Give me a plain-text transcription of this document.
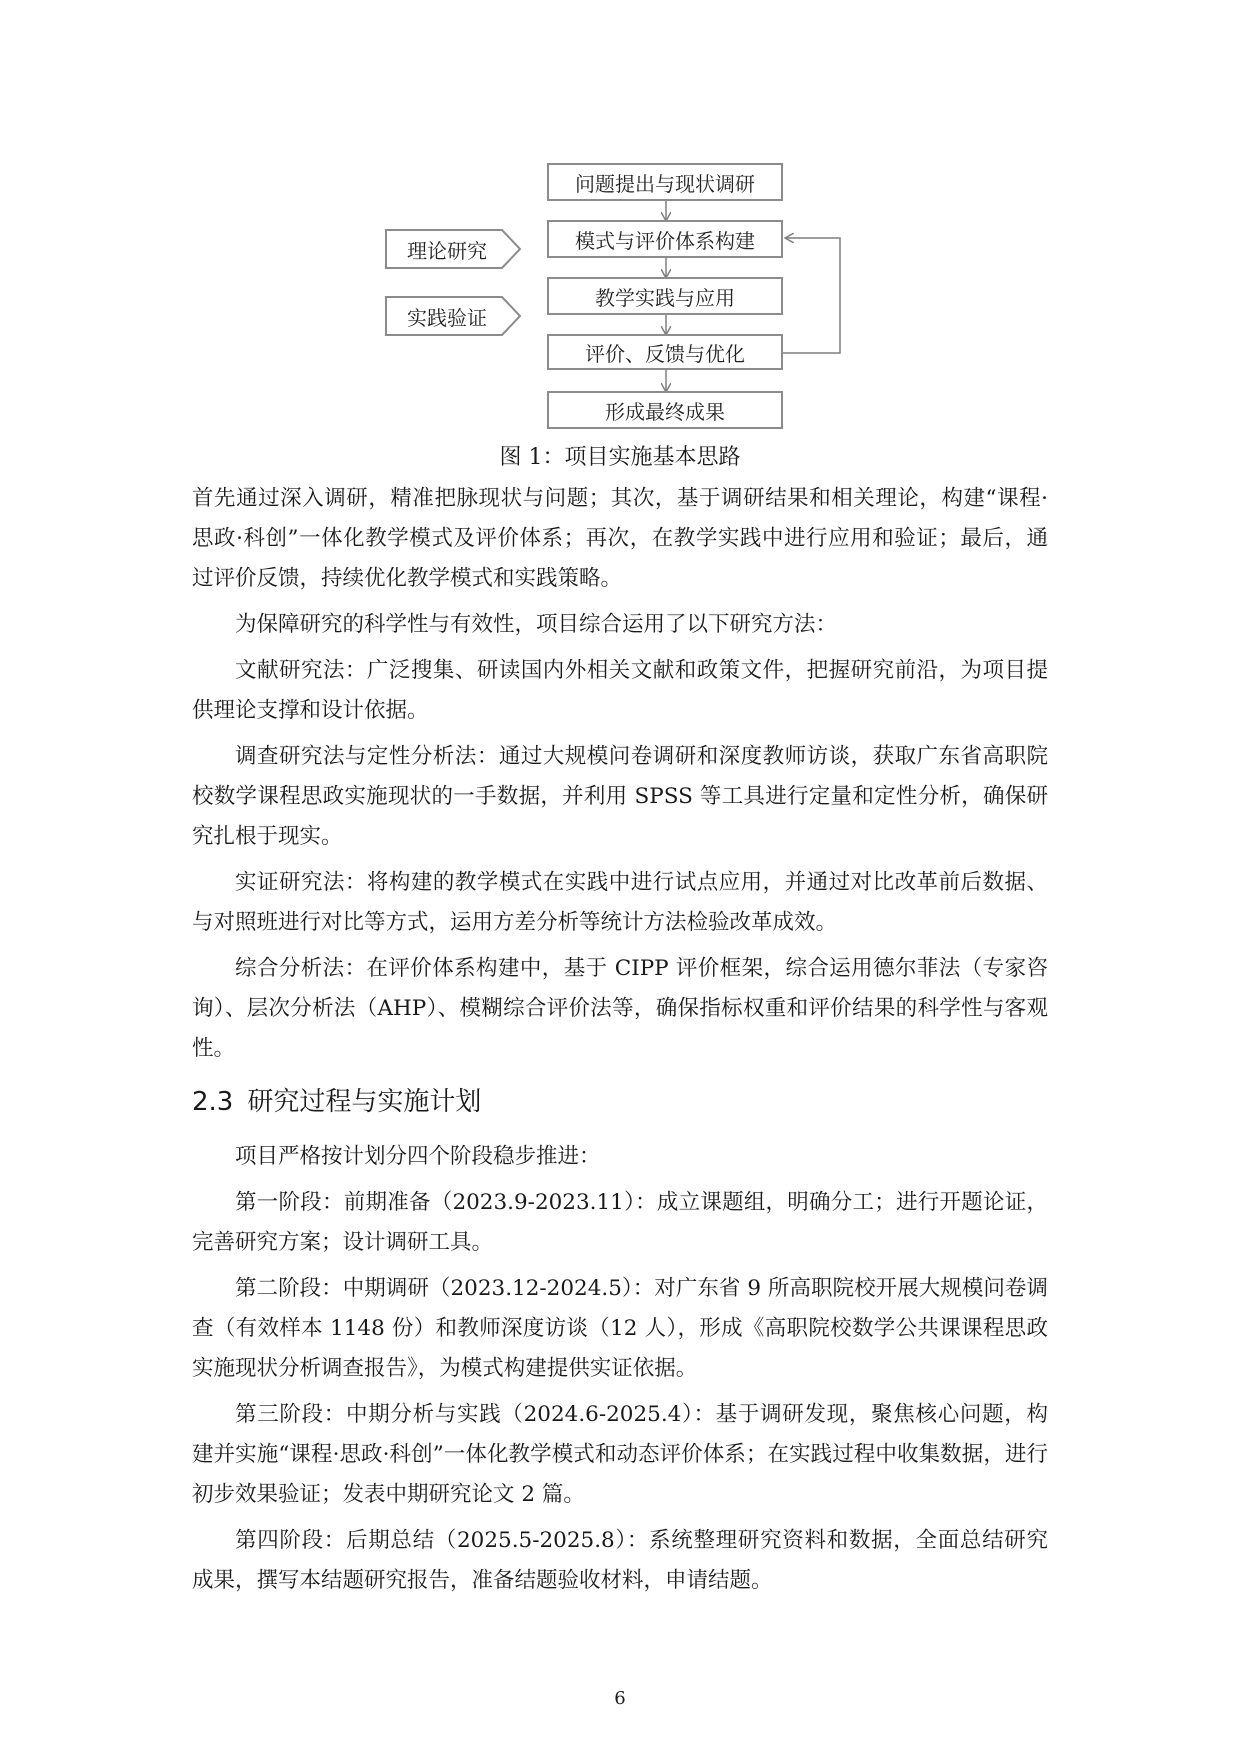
问题提出与现状调研
模式与评价体系构建
教学实践与应用
评价、反馈与优化
形成最终成果
理论研究
实践验证
图 1：项目实施基本思路

首先通过深入调研，精准把脉现状与问题；其次，基于调研结果和相关理论，构建“课程·思政·科创”一体化教学模式及评价体系；再次，在教学实践中进行应用和验证；最后，通过评价反馈，持续优化教学模式和实践策略。

为保障研究的科学性与有效性，项目综合运用了以下研究方法：

文献研究法：广泛搜集、研读国内外相关文献和政策文件，把握研究前沿，为项目提供理论支撑和设计依据。

调查研究法与定性分析法：通过大规模问卷调研和深度教师访谈，获取广东省高职院校数学课程思政实施现状的一手数据，并利用 SPSS 等工具进行定量和定性分析，确保研究扎根于现实。

实证研究法：将构建的教学模式在实践中进行试点应用，并通过对比改革前后数据、与对照班进行对比等方式，运用方差分析等统计方法检验改革成效。

综合分析法：在评价体系构建中，基于 CIPP 评价框架，综合运用德尔菲法（专家咨询）、层次分析法（AHP）、模糊综合评价法等，确保指标权重和评价结果的科学性与客观性。

2.3 研究过程与实施计划

项目严格按计划分四个阶段稳步推进：

第一阶段：前期准备（2023.9-2023.11）：成立课题组，明确分工；进行开题论证，完善研究方案；设计调研工具。

第二阶段：中期调研（2023.12-2024.5）：对广东省 9 所高职院校开展大规模问卷调查（有效样本 1148 份）和教师深度访谈（12 人），形成《高职院校数学公共课课程思政实施现状分析调查报告》，为模式构建提供实证依据。

第三阶段：中期分析与实践（2024.6-2025.4）：基于调研发现，聚焦核心问题，构建并实施“课程·思政·科创”一体化教学模式和动态评价体系；在实践过程中收集数据，进行初步效果验证；发表中期研究论文 2 篇。

第四阶段：后期总结（2025.5-2025.8）：系统整理研究资料和数据，全面总结研究成果，撰写本结题研究报告，准备结题验收材料，申请结题。

6
